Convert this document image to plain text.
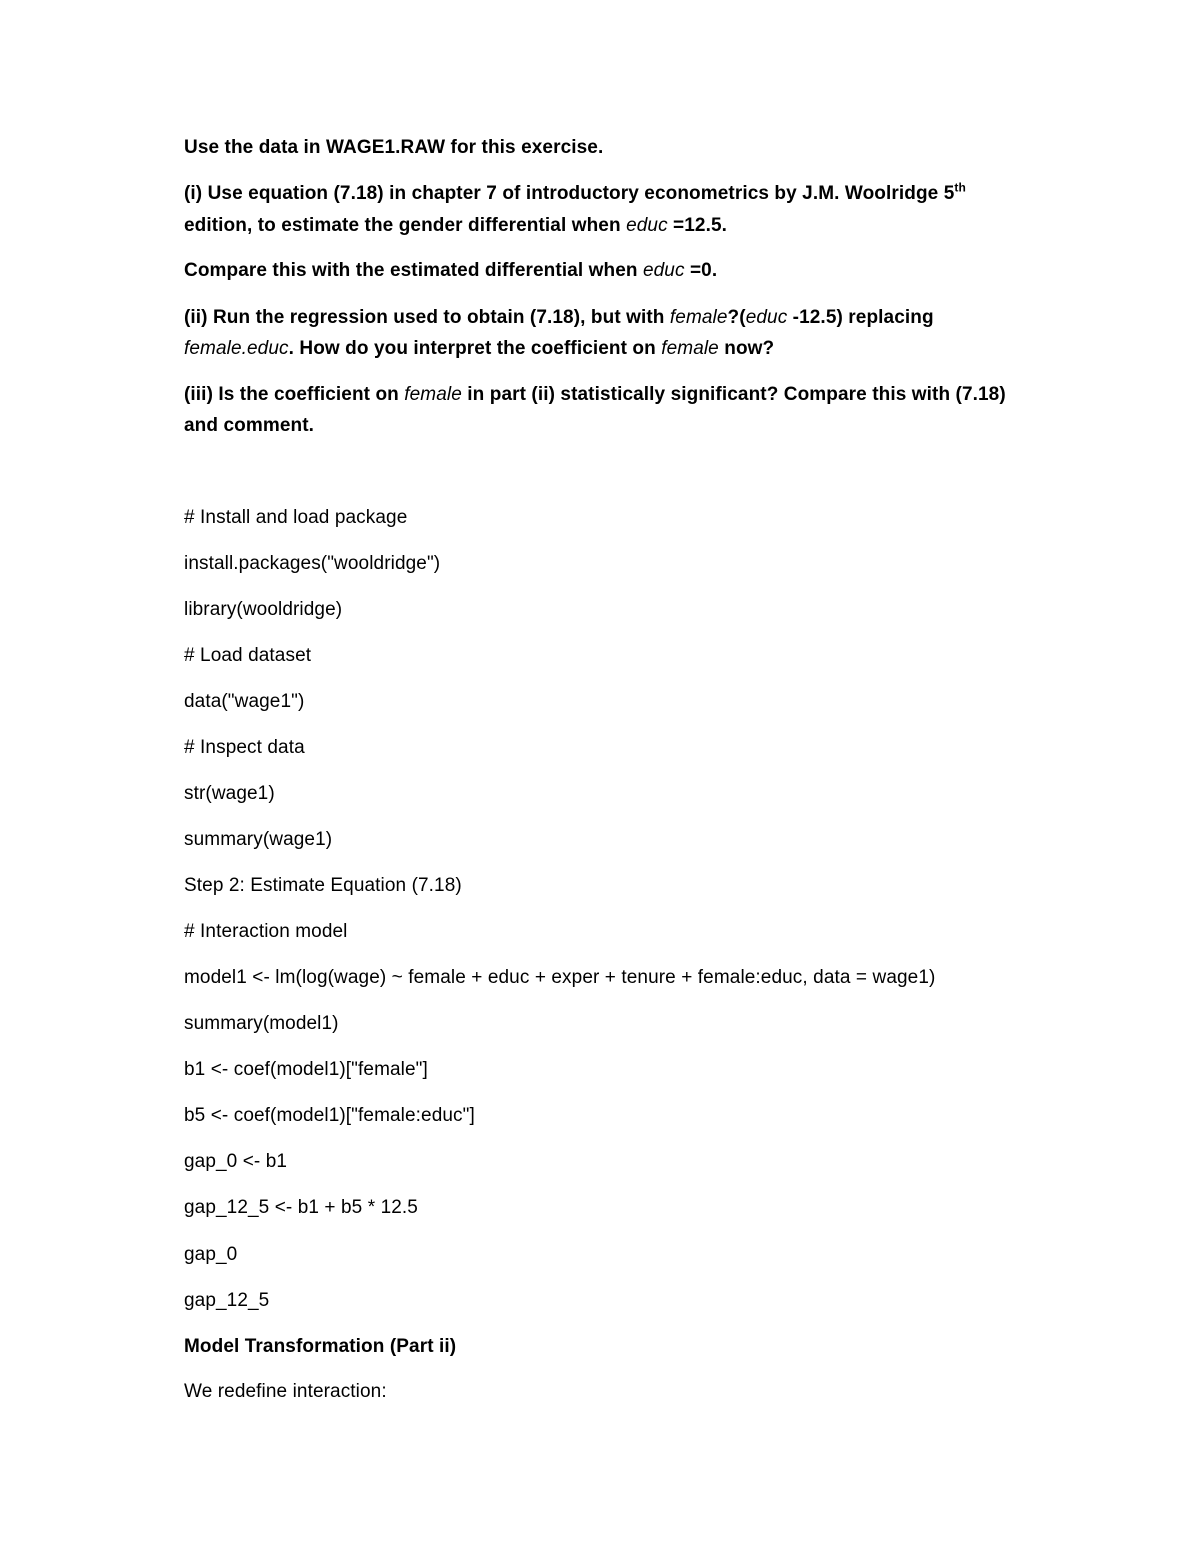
Use the data in WAGE1.RAW for this exercise.
(i) Use equation (7.18) in chapter 7 of introductory econometrics by J.M. Woolridge 5th
edition, to estimate the gender differential when educ =12.5.
Compare this with the estimated differential when educ =0.
(ii) Run the regression used to obtain (7.18), but with female?(educ -12.5) replacing
female.educ. How do you interpret the coefficient on female now?
(iii) Is the coefficient on female in part (ii) statistically significant? Compare this with (7.18)
and comment.
# Install and load package
install.packages("wooldridge")
library(wooldridge)
# Load dataset
data("wage1")
# Inspect data
str(wage1)
summary(wage1)
Step 2: Estimate Equation (7.18)
# Interaction model
model1 <- lm(log(wage) ~ female + educ + exper + tenure + female:educ, data = wage1)
summary(model1)
b1 <- coef(model1)["female"]
b5 <- coef(model1)["female:educ"]
gap_0 <- b1
gap_12_5 <- b1 + b5 * 12.5
gap_0
gap_12_5
Model Transformation (Part ii)
We redefine interaction:
